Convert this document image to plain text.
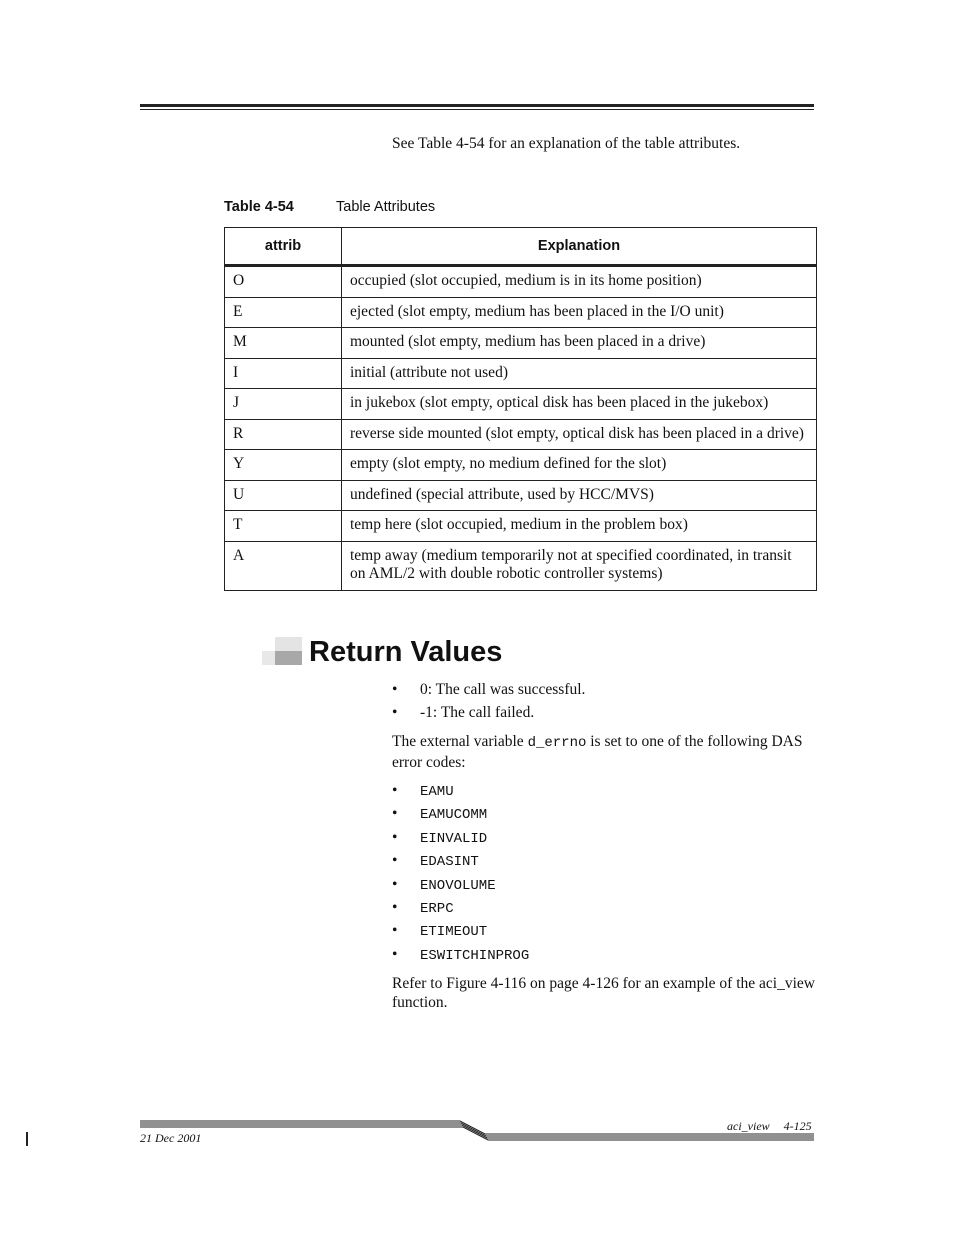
See Table 4-54 for an explanation of the table attributes.
Table 4-54	Table Attributes
attrib	Explanation
O	occupied (slot occupied, medium is in its home position)
E	ejected (slot empty, medium has been placed in the I/O unit)
M	mounted (slot empty, medium has been placed in a drive)
I	initial (attribute not used)
J	in jukebox (slot empty, optical disk has been placed in the jukebox)
R	reverse side mounted (slot empty, optical disk has been placed in a drive)
Y	empty (slot empty, no medium defined for the slot)
U	undefined (special attribute, used by HCC/MVS)
T	temp here (slot occupied, medium in the problem box)
A	temp away (medium temporarily not at specified coordinated, in transit on AML/2 with double robotic controller systems)
Return Values
• 0: The call was successful.
• -1: The call failed.
The external variable d_errno is set to one of the following DAS error codes:
• EAMU
• EAMUCOMM
• EINVALID
• EDASINT
• ENOVOLUME
• ERPC
• ETIMEOUT
• ESWITCHINPROG
Refer to Figure 4-116 on page 4-126 for an example of the aci_view function.
aci_view 4-125
21 Dec 2001
